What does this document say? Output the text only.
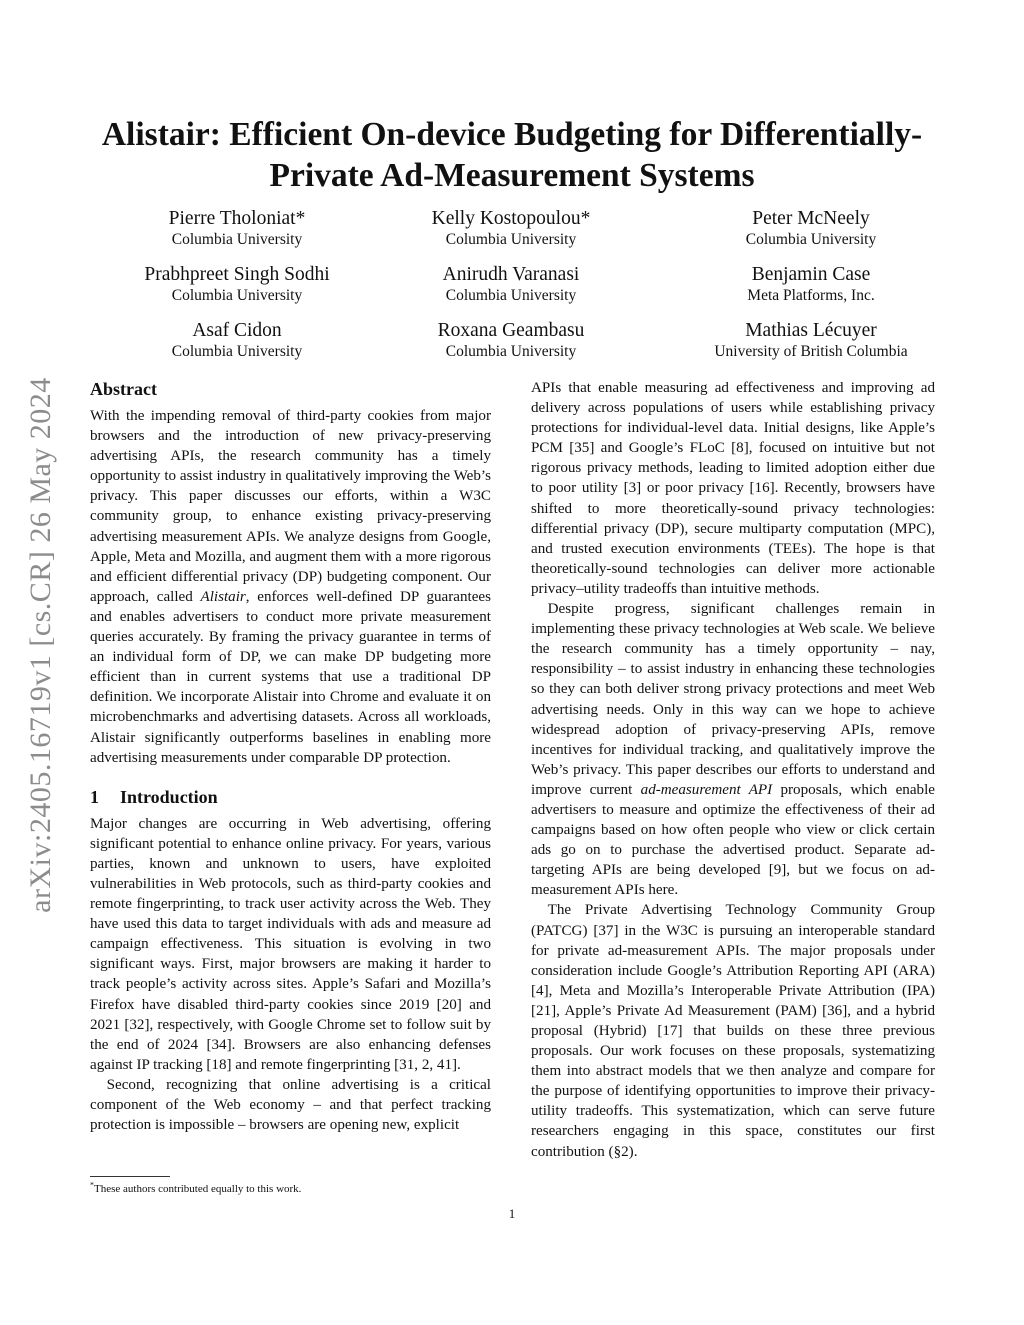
arXiv:2405.16719v1 [cs.CR] 26 May 2024
Alistair: Efficient On-device Budgeting for Differentially-Private Ad-Measurement Systems
Pierre Tholoniat*
Columbia University
Kelly Kostopoulou*
Columbia University
Peter McNeely
Columbia University
Prabhpreet Singh Sodhi
Columbia University
Anirudh Varanasi
Columbia University
Benjamin Case
Meta Platforms, Inc.
Asaf Cidon
Columbia University
Roxana Geambasu
Columbia University
Mathias Lécuyer
University of British Columbia
Abstract

With the impending removal of third-party cookies from major browsers and the introduction of new privacy-preserving advertising APIs, the research community has a timely opportunity to assist industry in qualitatively improving the Web’s privacy. This paper discusses our efforts, within a W3C community group, to enhance existing privacy-preserving advertising measurement APIs. We analyze designs from Google, Apple, Meta and Mozilla, and augment them with a more rigorous and efficient differential privacy (DP) budgeting component. Our approach, called Alistair, enforces well-defined DP guarantees and enables advertisers to conduct more private measurement queries accurately. By framing the privacy guarantee in terms of an individual form of DP, we can make DP budgeting more efficient than in current systems that use a traditional DP definition. We incorporate Alistair into Chrome and evaluate it on microbenchmarks and advertising datasets. Across all workloads, Alistair significantly outperforms baselines in enabling more advertising measurements under comparable DP protection.

1 Introduction

Major changes are occurring in Web advertising, offering significant potential to enhance online privacy. For years, various parties, known and unknown to users, have exploited vulnerabilities in Web protocols, such as third-party cookies and remote fingerprinting, to track user activity across the Web. They have used this data to target individuals with ads and measure ad campaign effectiveness. This situation is evolving in two significant ways. First, major browsers are making it harder to track people’s activity across sites. Apple’s Safari and Mozilla’s Firefox have disabled third-party cookies since 2019 [20] and 2021 [32], respectively, with Google Chrome set to follow suit by the end of 2024 [34]. Browsers are also enhancing defenses against IP tracking [18] and remote fingerprinting [31, 2, 41].

Second, recognizing that online advertising is a critical component of the Web economy – and that perfect tracking protection is impossible – browsers are opening new, explicit

APIs that enable measuring ad effectiveness and improving ad delivery across populations of users while establishing privacy protections for individual-level data. Initial designs, like Apple’s PCM [35] and Google’s FLoC [8], focused on intuitive but not rigorous privacy methods, leading to limited adoption either due to poor utility [3] or poor privacy [16]. Recently, browsers have shifted to more theoretically-sound privacy technologies: differential privacy (DP), secure multiparty computation (MPC), and trusted execution environments (TEEs). The hope is that theoretically-sound technologies can deliver more actionable privacy–utility tradeoffs than intuitive methods.

Despite progress, significant challenges remain in implementing these privacy technologies at Web scale. We believe the research community has a timely opportunity – nay, responsibility – to assist industry in enhancing these technologies so they can both deliver strong privacy protections and meet Web advertising needs. Only in this way can we hope to achieve widespread adoption of privacy-preserving APIs, remove incentives for individual tracking, and qualitatively improve the Web’s privacy. This paper describes our efforts to understand and improve current ad-measurement API proposals, which enable advertisers to measure and optimize the effectiveness of their ad campaigns based on how often people who view or click certain ads go on to purchase the advertised product. Separate ad-targeting APIs are being developed [9], but we focus on ad-measurement APIs here.

The Private Advertising Technology Community Group (PATCG) [37] in the W3C is pursuing an interoperable standard for private ad-measurement APIs. The major proposals under consideration include Google’s Attribution Reporting API (ARA) [4], Meta and Mozilla’s Interoperable Private Attribution (IPA) [21], Apple’s Private Ad Measurement (PAM) [36], and a hybrid proposal (Hybrid) [17] that builds on these three previous proposals. Our work focuses on these proposals, systematizing them into abstract models that we then analyze and compare for the purpose of identifying opportunities to improve their privacy-utility tradeoffs. This systematization, which can serve future researchers engaging in this space, constitutes our first contribution (§2).

*These authors contributed equally to this work.
1
